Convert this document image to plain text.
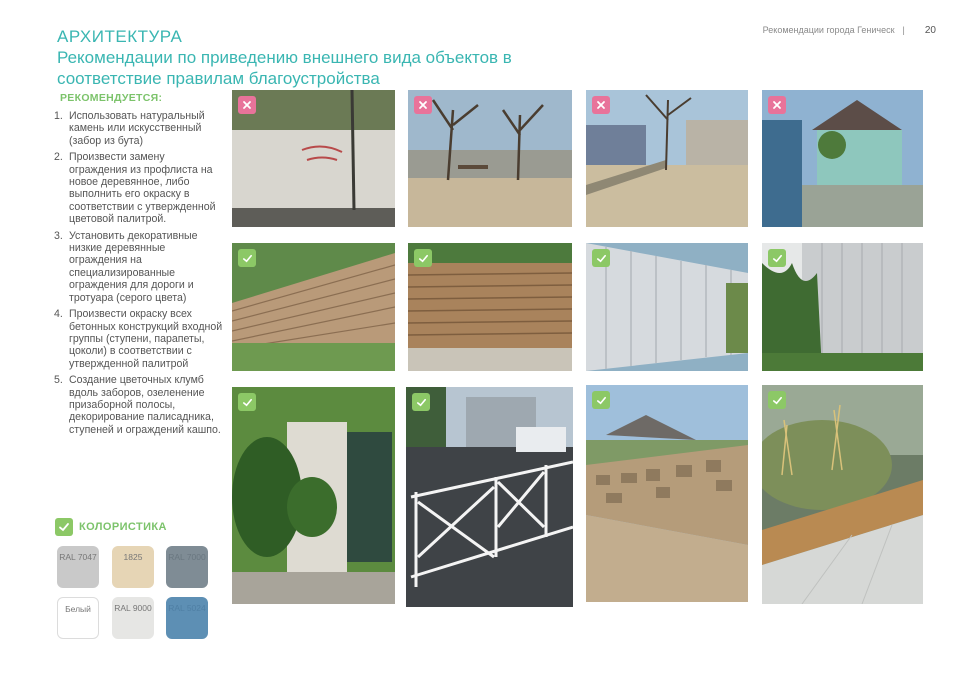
АРХИТЕКТУРА
Рекомендации по приведению внешнего вида объектов в соответствие правилам благоустройства
Рекомендации города Геническ | 20
РЕКОМЕНДУЕТСЯ:
1. Использовать натуральный камень или искусственный (забор из бута)
2. Произвести замену ограждения из профлиста на новое деревянное, либо выполнить его окраску в соответствии с утвержденной цветовой палитрой.
3. Установить декоративные низкие деревянные ограждения на специализированные ограждения для дороги и тротуара (серого цвета)
4. Произвести окраску всех бетонных конструкций входной группы (ступени, парапеты, цоколи) в соответствии с утвержденной палитрой
5. Создание цветочных клумб вдоль заборов, озеленение призаборной полосы, декорирование палисадника, ступеней и ограждений кашпо.
КОЛОРИСТИКА
RAL 7047	1825	RAL 7000
Белый	RAL 9000 RAL 5024
